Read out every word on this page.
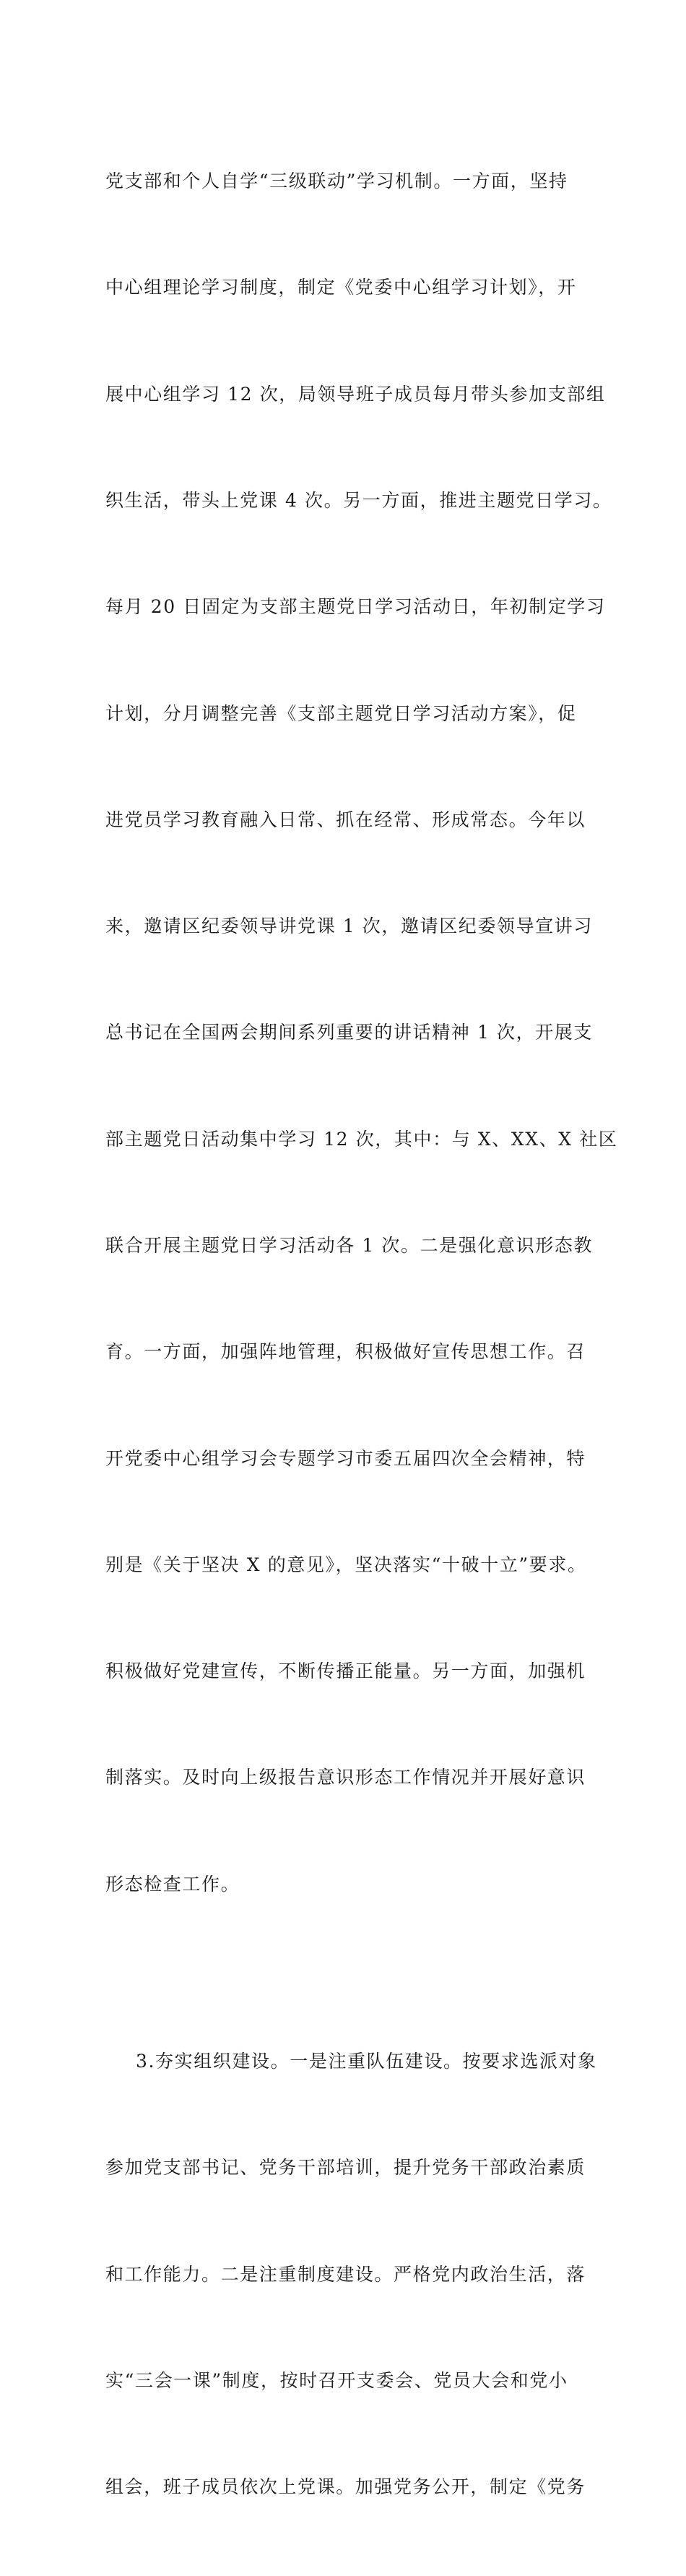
党支部和个人自学“三级联动”学习机制。一方面，坚持

中心组理论学习制度，制定《党委中心组学习计划》，开

展中心组学习 12 次，局领导班子成员每月带头参加支部组

织生活，带头上党课 4 次。另一方面，推进主题党日学习。

每月 20 日固定为支部主题党日学习活动日，年初制定学习

计划，分月调整完善《支部主题党日学习活动方案》，促

进党员学习教育融入日常、抓在经常、形成常态。今年以

来，邀请区纪委领导讲党课 1 次，邀请区纪委领导宣讲习

总书记在全国两会期间系列重要的讲话精神 1 次，开展支

部主题党日活动集中学习 12 次，其中：与 X、XX、X 社区

联合开展主题党日学习活动各 1 次。二是强化意识形态教

育。一方面，加强阵地管理，积极做好宣传思想工作。召

开党委中心组学习会专题学习市委五届四次全会精神，特

别是《关于坚决 X 的意见》，坚决落实“十破十立”要求。

积极做好党建宣传，不断传播正能量。另一方面，加强机

制落实。及时向上级报告意识形态工作情况并开展好意识

形态检查工作。

3.夯实组织建设。一是注重队伍建设。按要求选派对象

参加党支部书记、党务干部培训，提升党务干部政治素质

和工作能力。二是注重制度建设。严格党内政治生活，落

实“三会一课”制度，按时召开支委会、党员大会和党小

组会，班子成员依次上党课。加强党务公开，制定《党务
